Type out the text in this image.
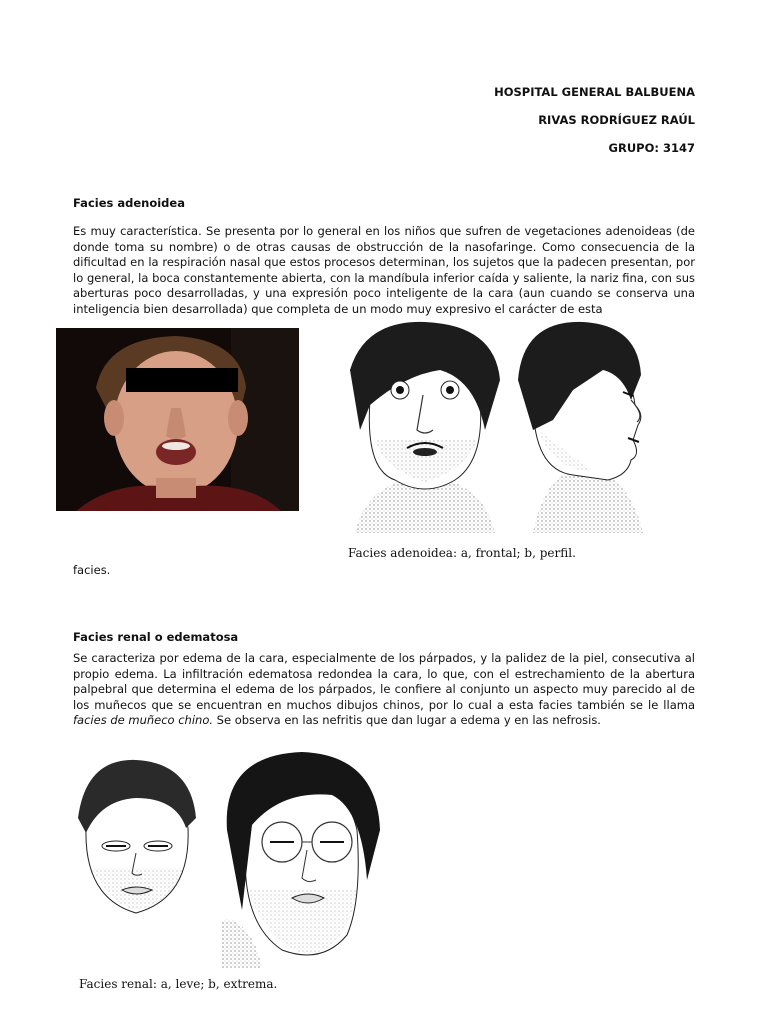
HOSPITAL GENERAL BALBUENA
RIVAS RODRÍGUEZ RAÚL
GRUPO: 3147
Facies adenoidea

Es muy característica. Se presenta por lo general en los niños que sufren de vegetaciones adenoideas (de donde toma su nombre) o de otras causas de obstrucción de la nasofaringe. Como consecuencia de la dificultad en la respiración nasal que estos procesos determinan, los sujetos que la padecen presentan, por lo general, la boca constantemente abierta, con la mandíbula inferior caída y saliente, la nariz fina, con sus aberturas poco desarrolladas, y una expresión poco inteligente de la cara (aun cuando se conserva una inteligencia bien desarrollada) que completa de un modo muy expresivo el carácter de esta

Facies adenoidea: a, frontal; b, perfil.
facies.
Facies renal o edematosa

Se caracteriza por edema de la cara, especialmente de los párpados, y la palidez de la piel, consecutiva al propio edema. La infiltración edematosa redondea la cara, lo que, con el estrechamiento de la abertura palpebral que determina el edema de los párpados, le confiere al conjunto un aspecto muy parecido al de los muñecos que se encuentran en muchos dibujos chinos, por lo cual a esta facies también se le llama facies de muñeco chino. Se observa en las nefritis que dan lugar a edema y en las nefrosis.

Facies renal: a, leve; b, extrema.
